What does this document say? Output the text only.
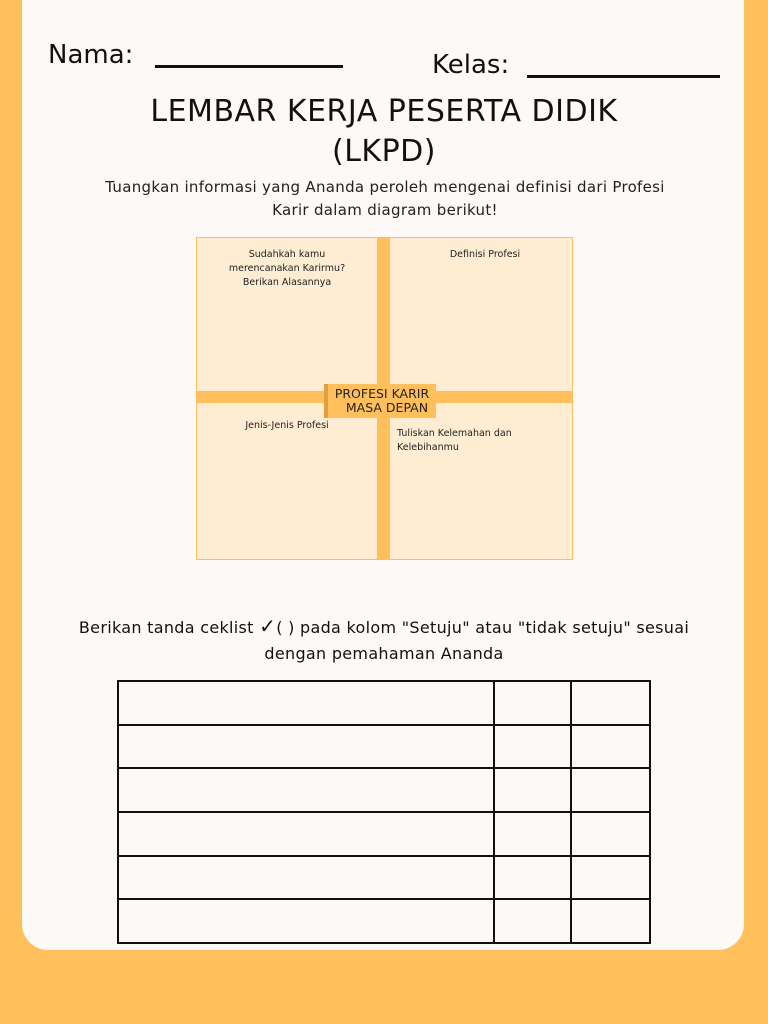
Nama:	Kelas:
LEMBAR KERJA PESERTA DIDIK
(LKPD)
Tuangkan informasi yang Ananda peroleh mengenai definisi dari Profesi
Karir dalam diagram berikut!
Sudahkah kamu
merencanakan Karirmu?
Berikan Alasannya
Definisi Profesi
Jenis-Jenis Profesi
Tuliskan Kelemahan dan
Kelebihanmu
PROFESI KARIR
MASA DEPAN
Berikan tanda ceklist ✓( ) pada kolom "Setuju" atau "tidak setuju" sesuai
dengan pemahaman Ananda
